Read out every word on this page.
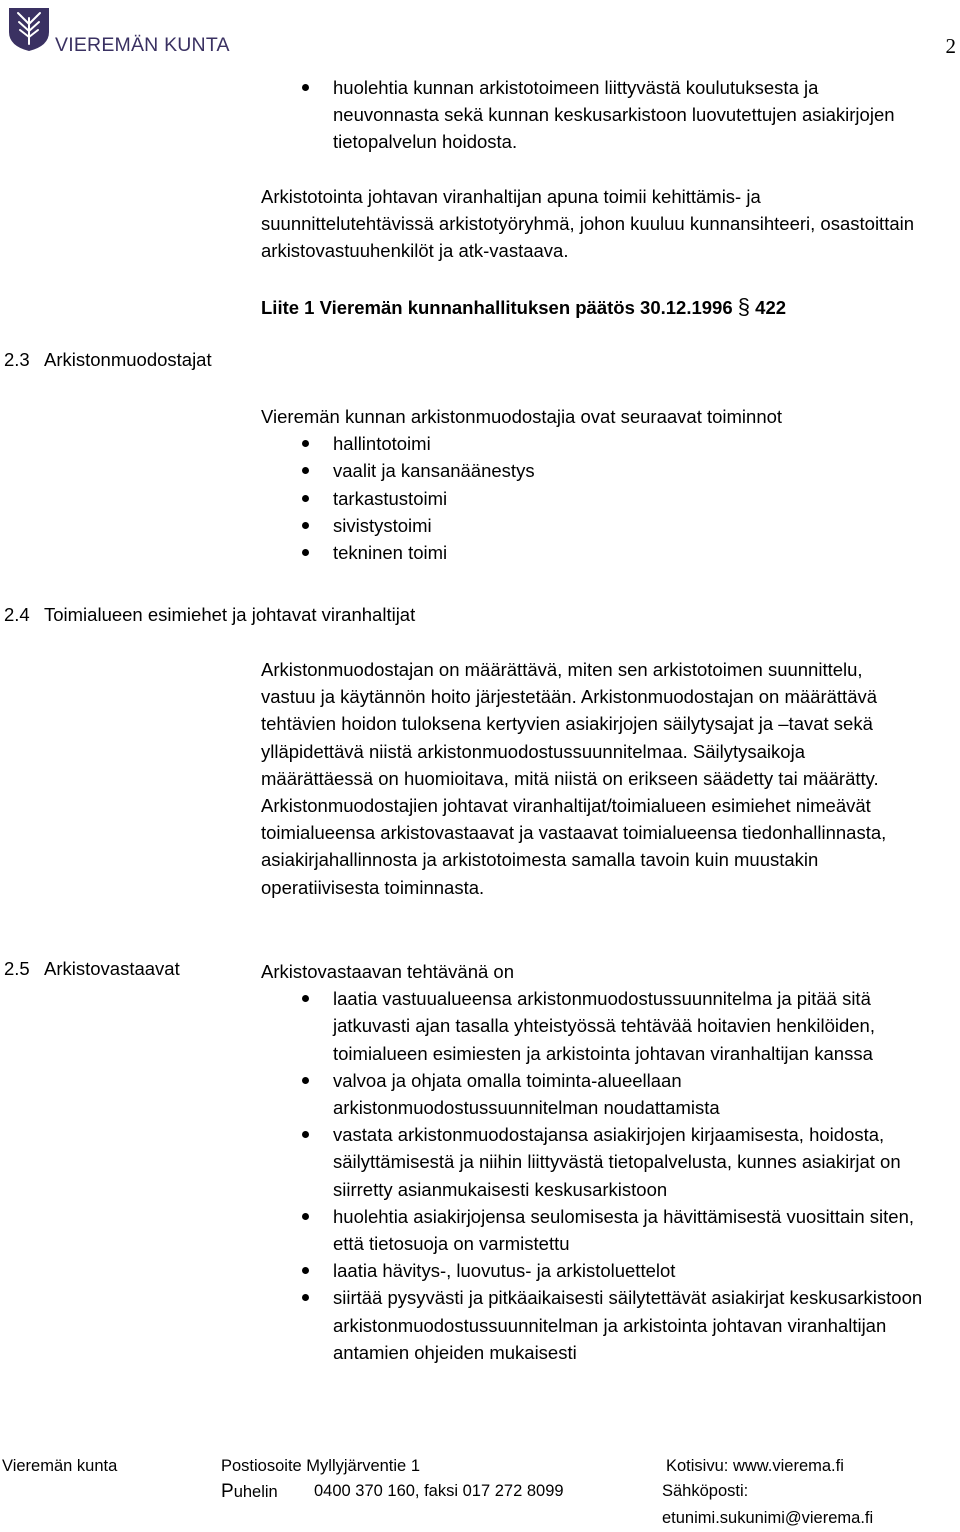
VIEREMÄN KUNTA	2
huolehtia kunnan arkistotoimeen liittyvästä koulutuksesta ja
neuvonnasta sekä kunnan keskusarkistoon luovutettujen asiakirjojen
tietopalvelun hoidosta.
Arkistotointa johtavan viranhaltijan apuna toimii kehittämis- ja
suunnittelutehtävissä arkistotyöryhmä, johon kuuluu kunnansihteeri, osastoittain
arkistovastuuhenkilöt ja atk-vastaava.
Liite 1 Vieremän kunnanhallituksen päätös 30.12.1996 § 422
2.3 Arkistonmuodostajat
Vieremän kunnan arkistonmuodostajia ovat seuraavat toiminnot
hallintotoimi
vaalit ja kansanäänestys
tarkastustoimi
sivistystoimi
tekninen toimi
2.4 Toimialueen esimiehet ja johtavat viranhaltijat
Arkistonmuodostajan on määrättävä, miten sen arkistotoimen suunnittelu,
vastuu ja käytännön hoito järjestetään. Arkistonmuodostajan on määrättävä
tehtävien hoidon tuloksena kertyvien asiakirjojen säilytysajat ja –tavat sekä
ylläpidettävä niistä arkistonmuodostussuunnitelmaa. Säilytysaikoja
määrättäessä on huomioitava, mitä niistä on erikseen säädetty tai määrätty.
Arkistonmuodostajien johtavat viranhaltijat/toimialueen esimiehet nimeävät
toimialueensa arkistovastaavat ja vastaavat toimialueensa tiedonhallinnasta,
asiakirjahallinnosta ja arkistotoimesta samalla tavoin kuin muustakin
operatiivisesta toiminnasta.
2.5 Arkistovastaavat	Arkistovastaavan tehtävänä on
laatia vastuualueensa arkistonmuodostussuunnitelma ja pitää sitä
jatkuvasti ajan tasalla yhteistyössä tehtävää hoitavien henkilöiden,
toimialueen esimiesten ja arkistointa johtavan viranhaltijan kanssa
valvoa ja ohjata omalla toiminta-alueellaan
arkistonmuodostussuunnitelman noudattamista
vastata arkistonmuodostajansa asiakirjojen kirjaamisesta, hoidosta,
säilyttämisestä ja niihin liittyvästä tietopalvelusta, kunnes asiakirjat on
siirretty asianmukaisesti keskusarkistoon
huolehtia asiakirjojensa seulomisesta ja hävittämisestä vuosittain siten,
että tietosuoja on varmistettu
laatia hävitys-, luovutus- ja arkistoluettelot
siirtää pysyvästi ja pitkäaikaisesti säilytettävät asiakirjat keskusarkistoon
arkistonmuodostussuunnitelman ja arkistointa johtavan viranhaltijan
antamien ohjeiden mukaisesti
Vieremän kunta	Postiosoite Myllyjärventie 1	Kotisivu: www.vierema.fi
Puhelin 0400 370 160, faksi 017 272 8099	Sähköposti: etunimi.sukunimi@vierema.fi
